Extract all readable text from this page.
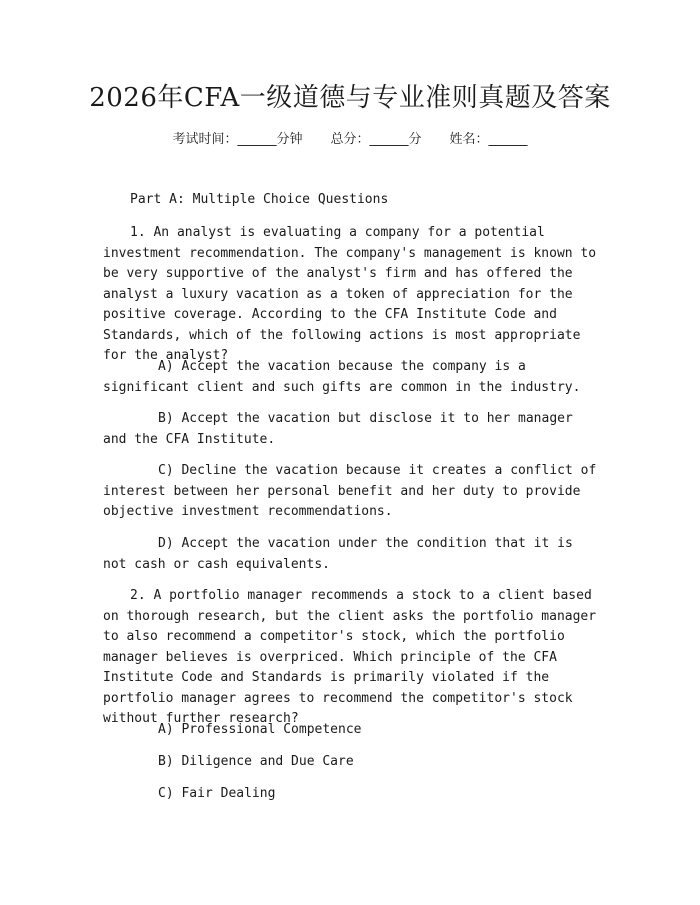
2026年CFA一级道德与专业准则真题及答案
考试时间：______分钟 总分：______分 姓名：______

Part A: Multiple Choice Questions

1. An analyst is evaluating a company for a potential investment recommendation. The company's management is known to be very supportive of the analyst's firm and has offered the analyst a luxury vacation as a token of appreciation for the positive coverage. According to the CFA Institute Code and Standards, which of the following actions is most appropriate for the analyst?

A) Accept the vacation because the company is a significant client and such gifts are common in the industry.

B) Accept the vacation but disclose it to her manager and the CFA Institute.

C) Decline the vacation because it creates a conflict of interest between her personal benefit and her duty to provide objective investment recommendations.

D) Accept the vacation under the condition that it is not cash or cash equivalents.

2. A portfolio manager recommends a stock to a client based on thorough research, but the client asks the portfolio manager to also recommend a competitor's stock, which the portfolio manager believes is overpriced. Which principle of the CFA Institute Code and Standards is primarily violated if the portfolio manager agrees to recommend the competitor's stock without further research?

A) Professional Competence

B) Diligence and Due Care

C) Fair Dealing
